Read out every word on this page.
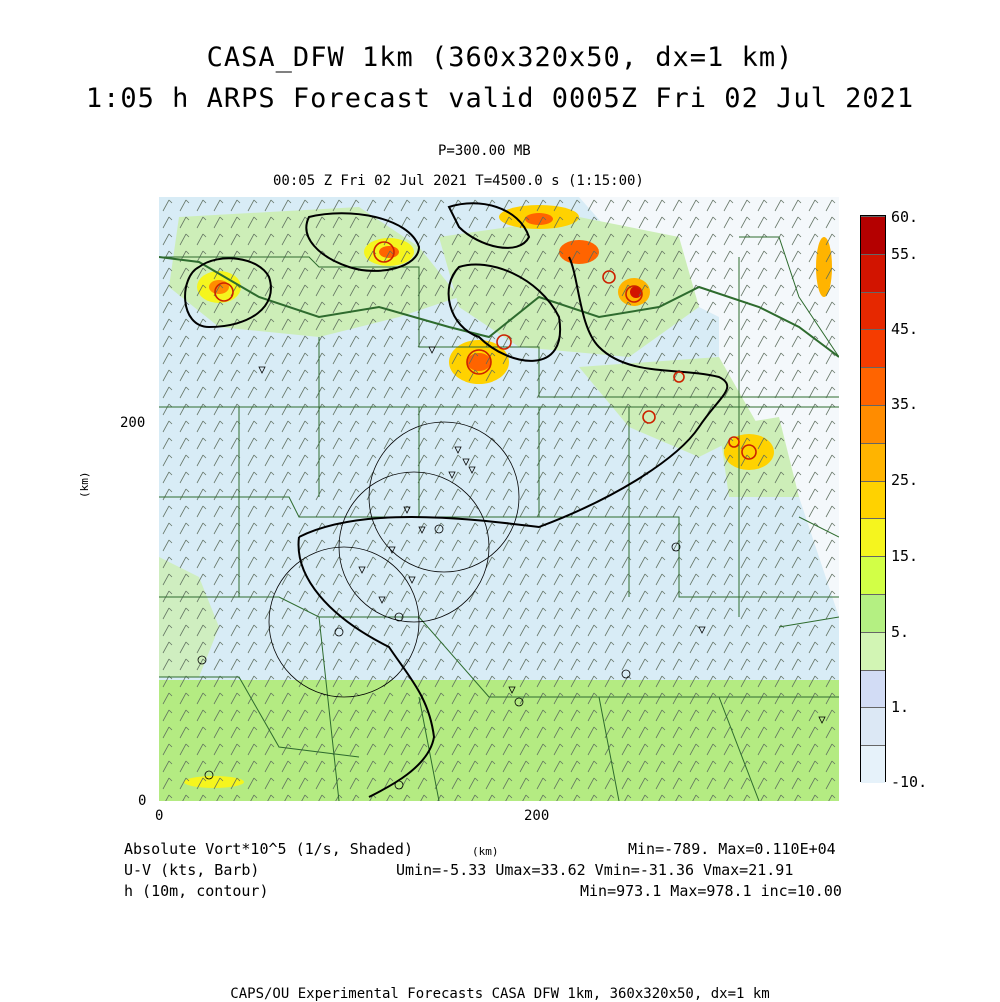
CASA_DFW 1km (360x320x50, dx=1 km)
1:05 h ARPS Forecast valid 0005Z Fri 02 Jul 2021
P=300.00 MB
00:05 Z Fri 02 Jul 2021 T=4500.0 s (1:15:00)
200
0
0	200
(km)
60.
55.
45.
35.
25.
15.
5.
1.
-10.
Absolute Vort*10^5 (1/s, Shaded)
U-V (kts, Barb)
h (10m, contour)
(km)	Min=-789. Max=0.110E+04
Umin=-5.33 Umax=33.62 Vmin=-31.36 Vmax=21.91
Min=973.1 Max=978.1 inc=10.00
CAPS/OU Experimental Forecasts CASA DFW 1km, 360x320x50, dx=1 km
